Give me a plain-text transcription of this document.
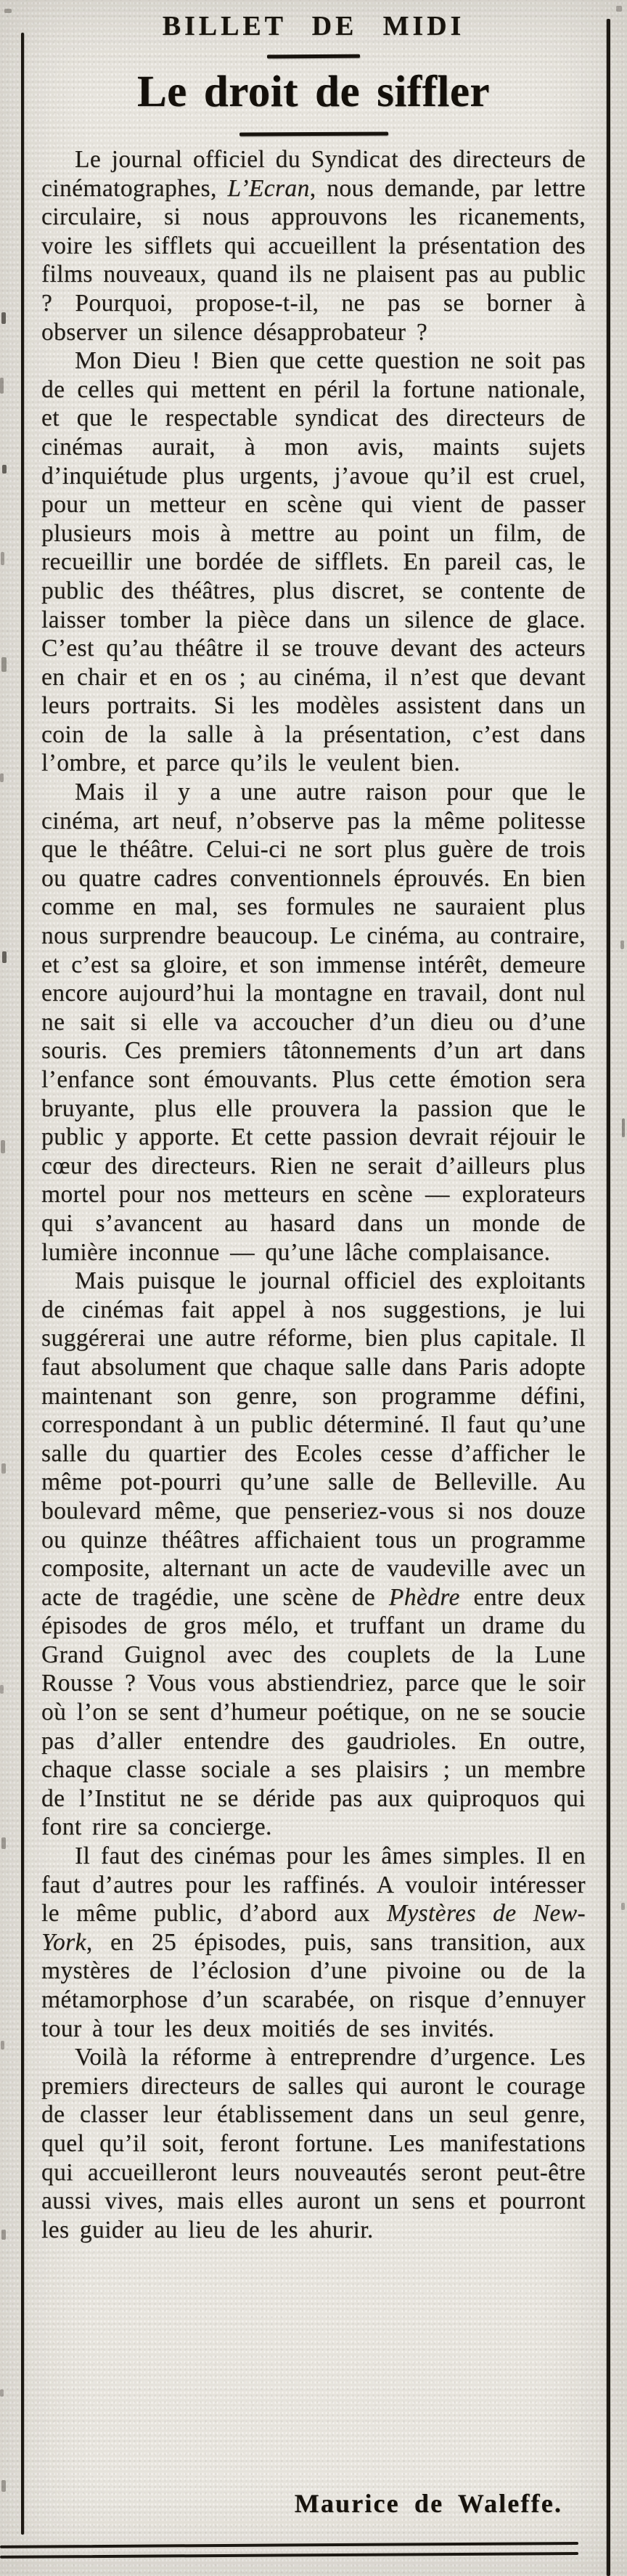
BILLET DE MIDI
Le droit de siffler

Le journal officiel du Syndicat des directeurs de cinématographes, L’Ecran, nous demande, par lettre circulaire, si nous approuvons les ricanements, voire les sifflets qui accueillent la présentation des films nouveaux, quand ils ne plaisent pas au public ? Pourquoi, propose-t-il, ne pas se borner à observer un silence désapprobateur ?

Mon Dieu ! Bien que cette question ne soit pas de celles qui mettent en péril la fortune nationale, et que le respectable syndicat des directeurs de cinémas aurait, à mon avis, maints sujets d’inquiétude plus urgents, j’avoue qu’il est cruel, pour un metteur en scène qui vient de passer plusieurs mois à mettre au point un film, de recueillir une bordée de sifflets. En pareil cas, le public des théâtres, plus discret, se contente de laisser tomber la pièce dans un silence de glace. C’est qu’au théâtre il se trouve devant des acteurs en chair et en os ; au cinéma, il n’est que devant leurs portraits. Si les modèles assistent dans un coin de la salle à la présentation, c’est dans l’ombre, et parce qu’ils le veulent bien.

Mais il y a une autre raison pour que le cinéma, art neuf, n’observe pas la même politesse que le théâtre. Celui-ci ne sort plus guère de trois ou quatre cadres conventionnels éprouvés. En bien comme en mal, ses formules ne sauraient plus nous surprendre beaucoup. Le cinéma, au contraire, et c’est sa gloire, et son immense intérêt, demeure encore aujourd’hui la montagne en travail, dont nul ne sait si elle va accoucher d’un dieu ou d’une souris. Ces premiers tâtonnements d’un art dans l’enfance sont émouvants. Plus cette émotion sera bruyante, plus elle prouvera la passion que le public y apporte. Et cette passion devrait réjouir le cœur des directeurs. Rien ne serait d’ailleurs plus mortel pour nos metteurs en scène — explorateurs qui s’avancent au hasard dans un monde de lumière inconnue — qu’une lâche complaisance.

Mais puisque le journal officiel des exploitants de cinémas fait appel à nos suggestions, je lui suggérerai une autre réforme, bien plus capitale. Il faut absolument que chaque salle dans Paris adopte maintenant son genre, son programme défini, correspondant à un public déterminé. Il faut qu’une salle du quartier des Ecoles cesse d’afficher le même pot-pourri qu’une salle de Belleville. Au boulevard même, que penseriez-vous si nos douze ou quinze théâtres affichaient tous un programme composite, alternant un acte de vaudeville avec un acte de tragédie, une scène de Phèdre entre deux épisodes de gros mélo, et truffant un drame du Grand Guignol avec des couplets de la Lune Rousse ? Vous vous abstiendriez, parce que le soir où l’on se sent d’humeur poétique, on ne se soucie pas d’aller entendre des gaudrioles. En outre, chaque classe sociale a ses plaisirs ; un membre de l’Institut ne se déride pas aux quiproquos qui font rire sa concierge.

Il faut des cinémas pour les âmes simples. Il en faut d’autres pour les raffinés. A vouloir intéresser le même public, d’abord aux Mystères de New-York, en 25 épisodes, puis, sans transition, aux mystères de l’éclosion d’une pivoine ou de la métamorphose d’un scarabée, on risque d’ennuyer tour à tour les deux moitiés de ses invités.

Voilà la réforme à entreprendre d’urgence. Les premiers directeurs de salles qui auront le courage de classer leur établissement dans un seul genre, quel qu’il soit, feront fortune. Les manifestations qui accueilleront leurs nouveautés seront peut-être aussi vives, mais elles auront un sens et pourront les guider au lieu de les ahurir.

Maurice de Waleffe.
